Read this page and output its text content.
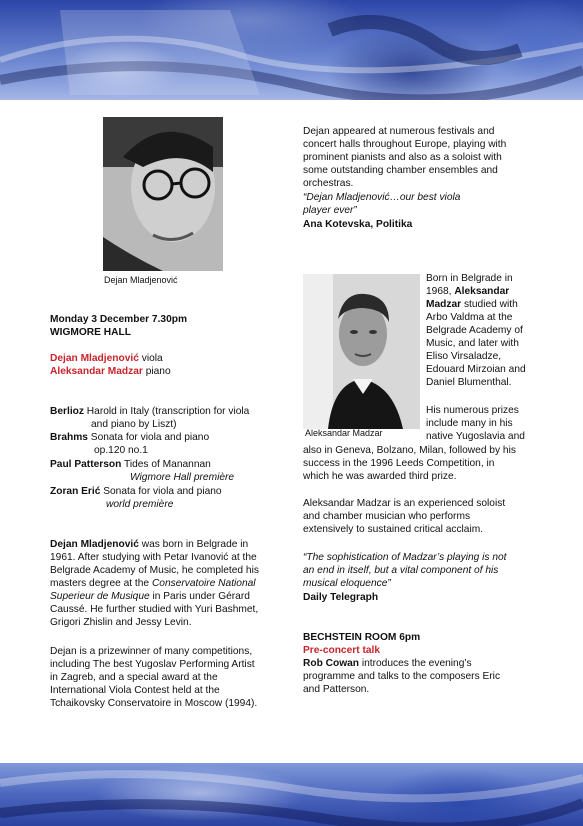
Dejan Mladjenović
Monday 3 December 7.30pm
WIGMORE HALL
Dejan Mladjenović viola
Aleksandar Madzar piano
Berlioz Harold in Italy (transcription for viola
and piano by Liszt)
Brahms Sonata for viola and piano
op.120 no.1
Paul Patterson Tides of Manannan
Wigmore Hall première
Zoran Erić Sonata for viola and piano
world première
Dejan Mladjenović was born in Belgrade in
1961. After studying with Petar Ivanović at the
Belgrade Academy of Music, he completed his
masters degree at the Conservatoire National
Superieur de Musique in Paris under Gérard
Caussé. He further studied with Yuri Bashmet,
Grigori Zhislin and Jessy Levin.
Dejan is a prizewinner of many competitions,
including The best Yugoslav Performing Artist
in Zagreb, and a special award at the
International Viola Contest held at the
Tchaikovsky Conservatoire in Moscow (1994).
Dejan appeared at numerous festivals and
concert halls throughout Europe, playing with
prominent pianists and also as a soloist with
some outstanding chamber ensembles and
orchestras.
“Dejan Mladjenović…our best viola
player ever”
Ana Kotevska, Politika
Aleksandar Madzar
Born in Belgrade in
1968, Aleksandar
Madzar studied with
Arbo Valdma at the
Belgrade Academy of
Music, and later with
Eliso Virsaladze,
Edouard Mirzoian and
Daniel Blumenthal.
His numerous prizes
include many in his
native Yugoslavia and
also in Geneva, Bolzano, Milan, followed by his
success in the 1996 Leeds Competition, in
which he was awarded third prize.
Aleksandar Madzar is an experienced soloist
and chamber musician who performs
extensively to sustained critical acclaim.
“The sophistication of Madzar’s playing is not
an end in itself, but a vital component of his
musical eloquence”
Daily Telegraph
BECHSTEIN ROOM 6pm
Pre-concert talk
Rob Cowan introduces the evening’s
programme and talks to the composers Eric
and Patterson.
